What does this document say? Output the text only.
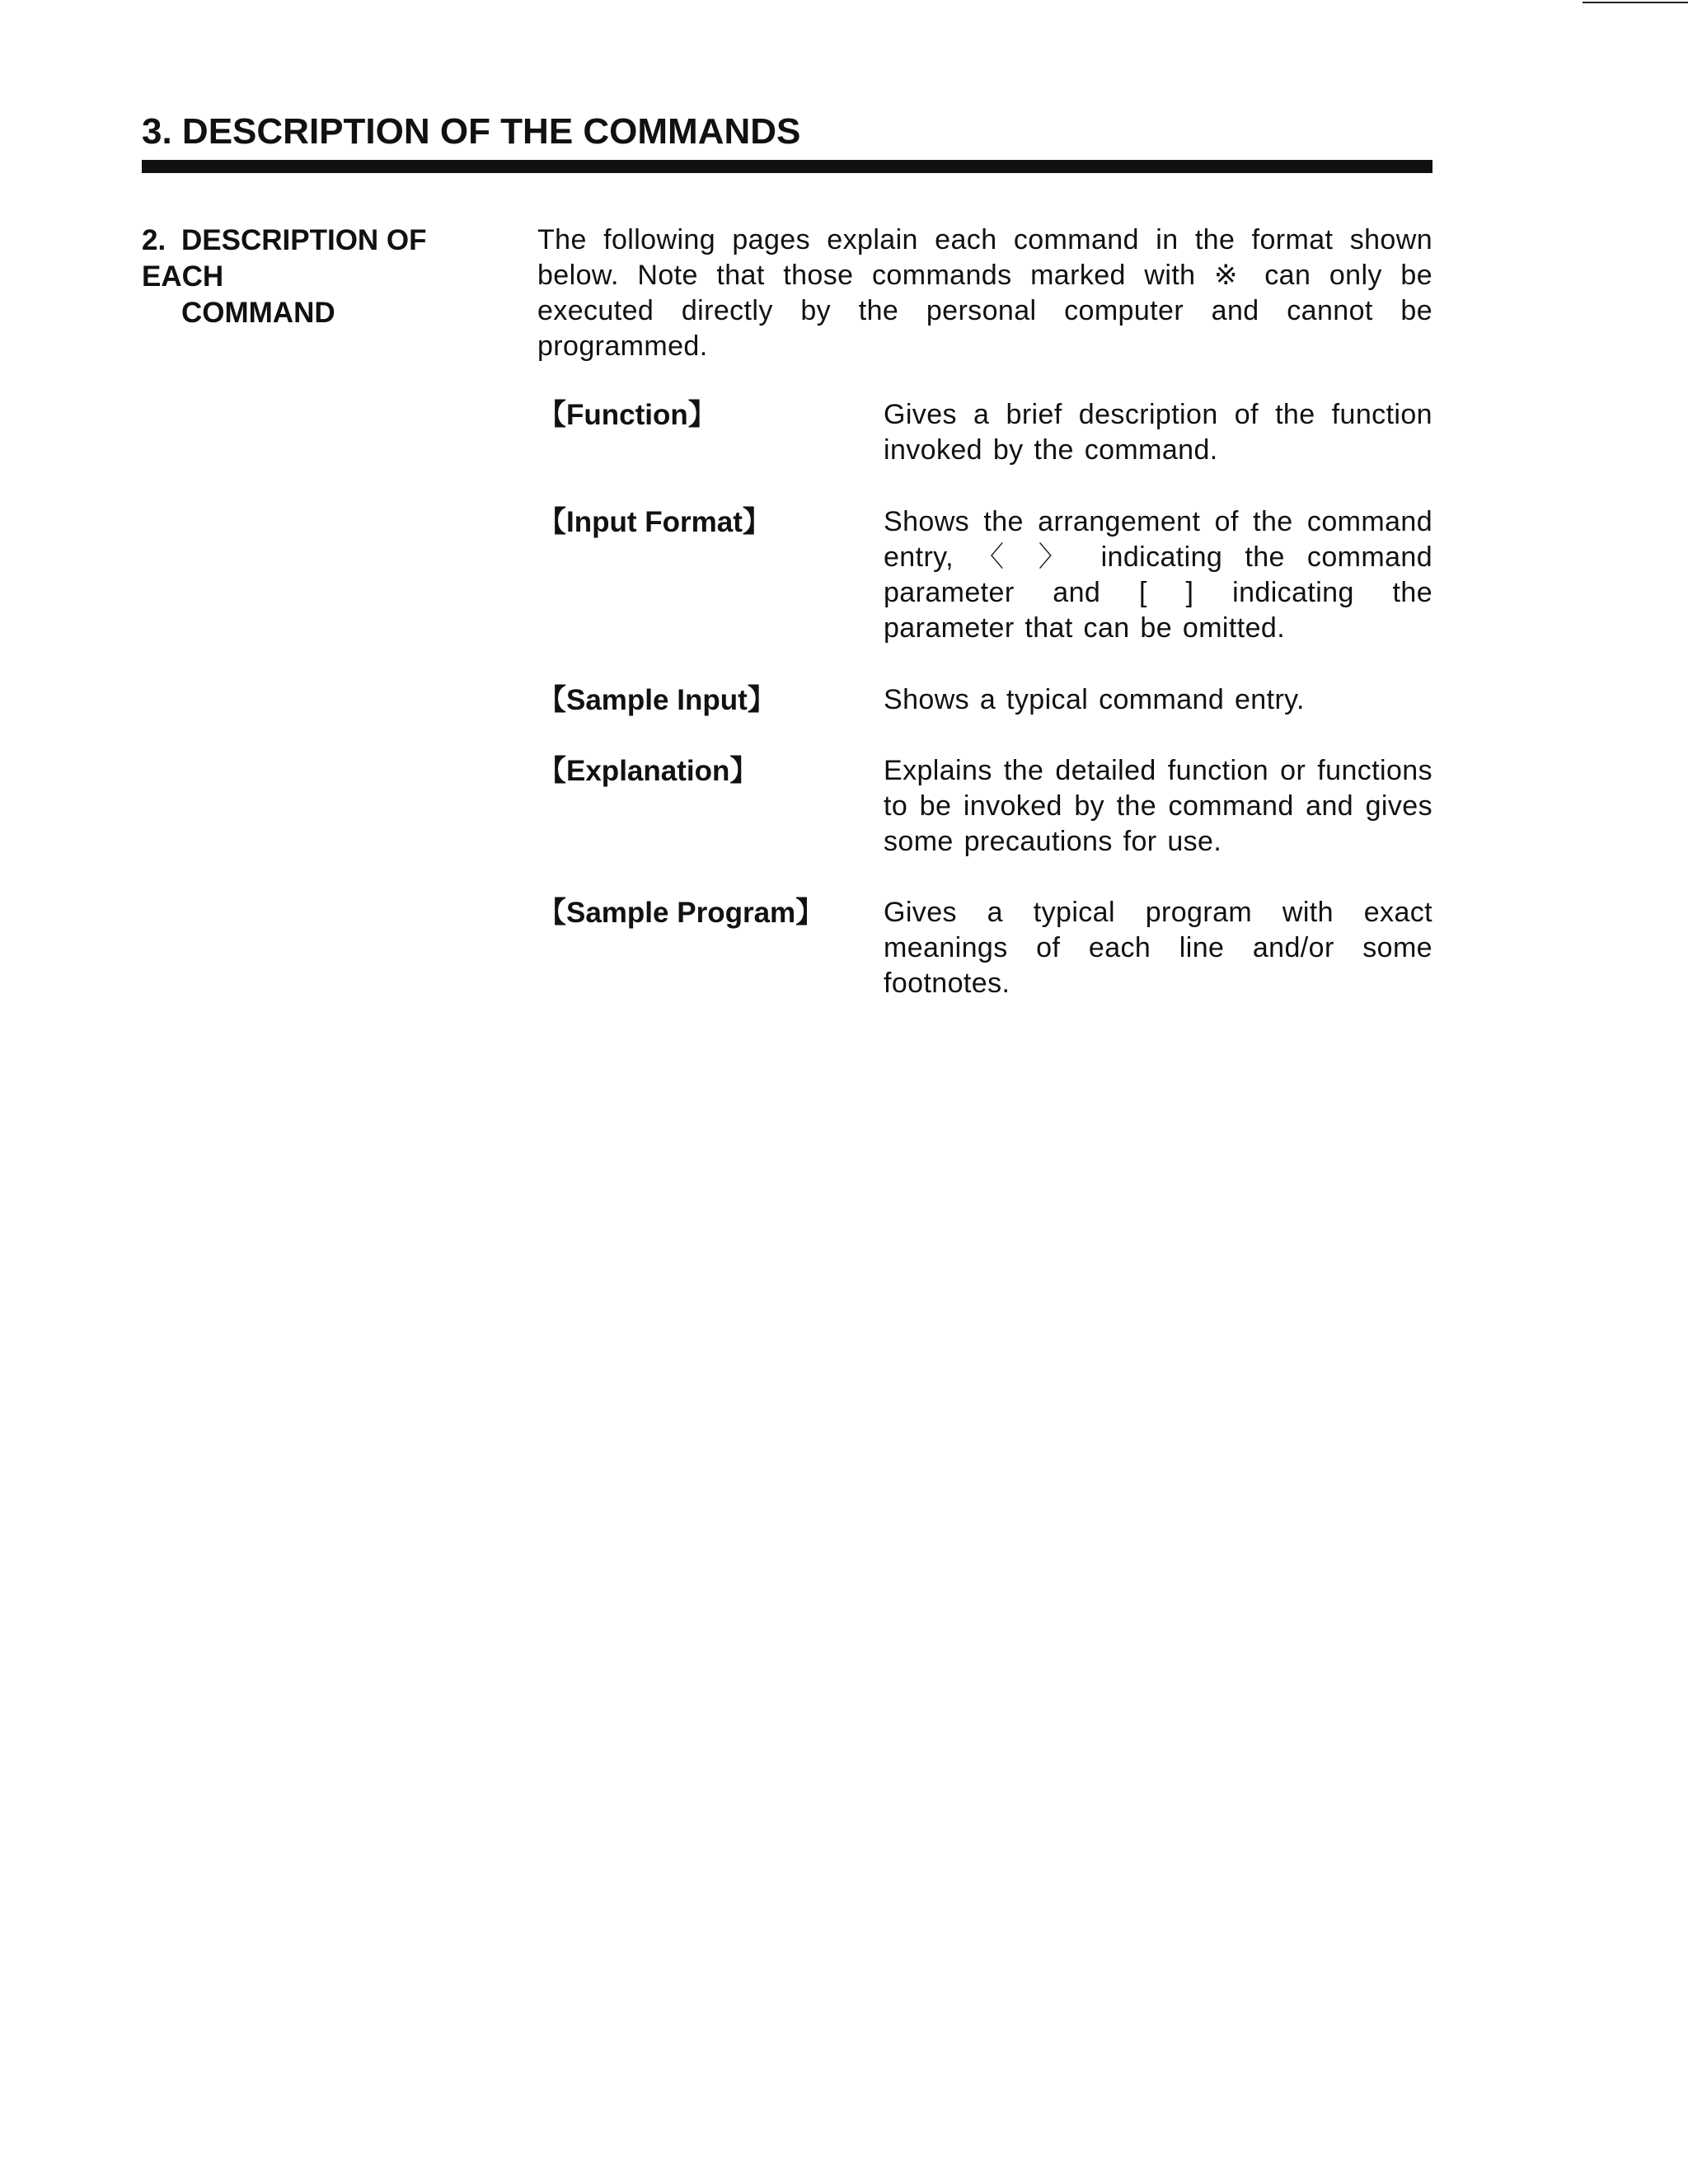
3. DESCRIPTION OF THE COMMANDS
2. DESCRIPTION OF EACH
COMMAND
The following pages explain each command in the format shown below. Note that those commands marked with ※ can only be executed directly by the personal computer and cannot be programmed.
【Function】	Gives a brief description of the function invoked by the command.
【Input Format】	Shows the arrangement of the command entry, 〈 〉 indicating the command parameter and [ ] indicating the parameter that can be omitted.
【Sample Input】	Shows a typical command entry.
【Explanation】	Explains the detailed function or functions to be invoked by the command and gives some precautions for use.
【Sample Program】	Gives a typical program with exact meanings of each line and/or some footnotes.
